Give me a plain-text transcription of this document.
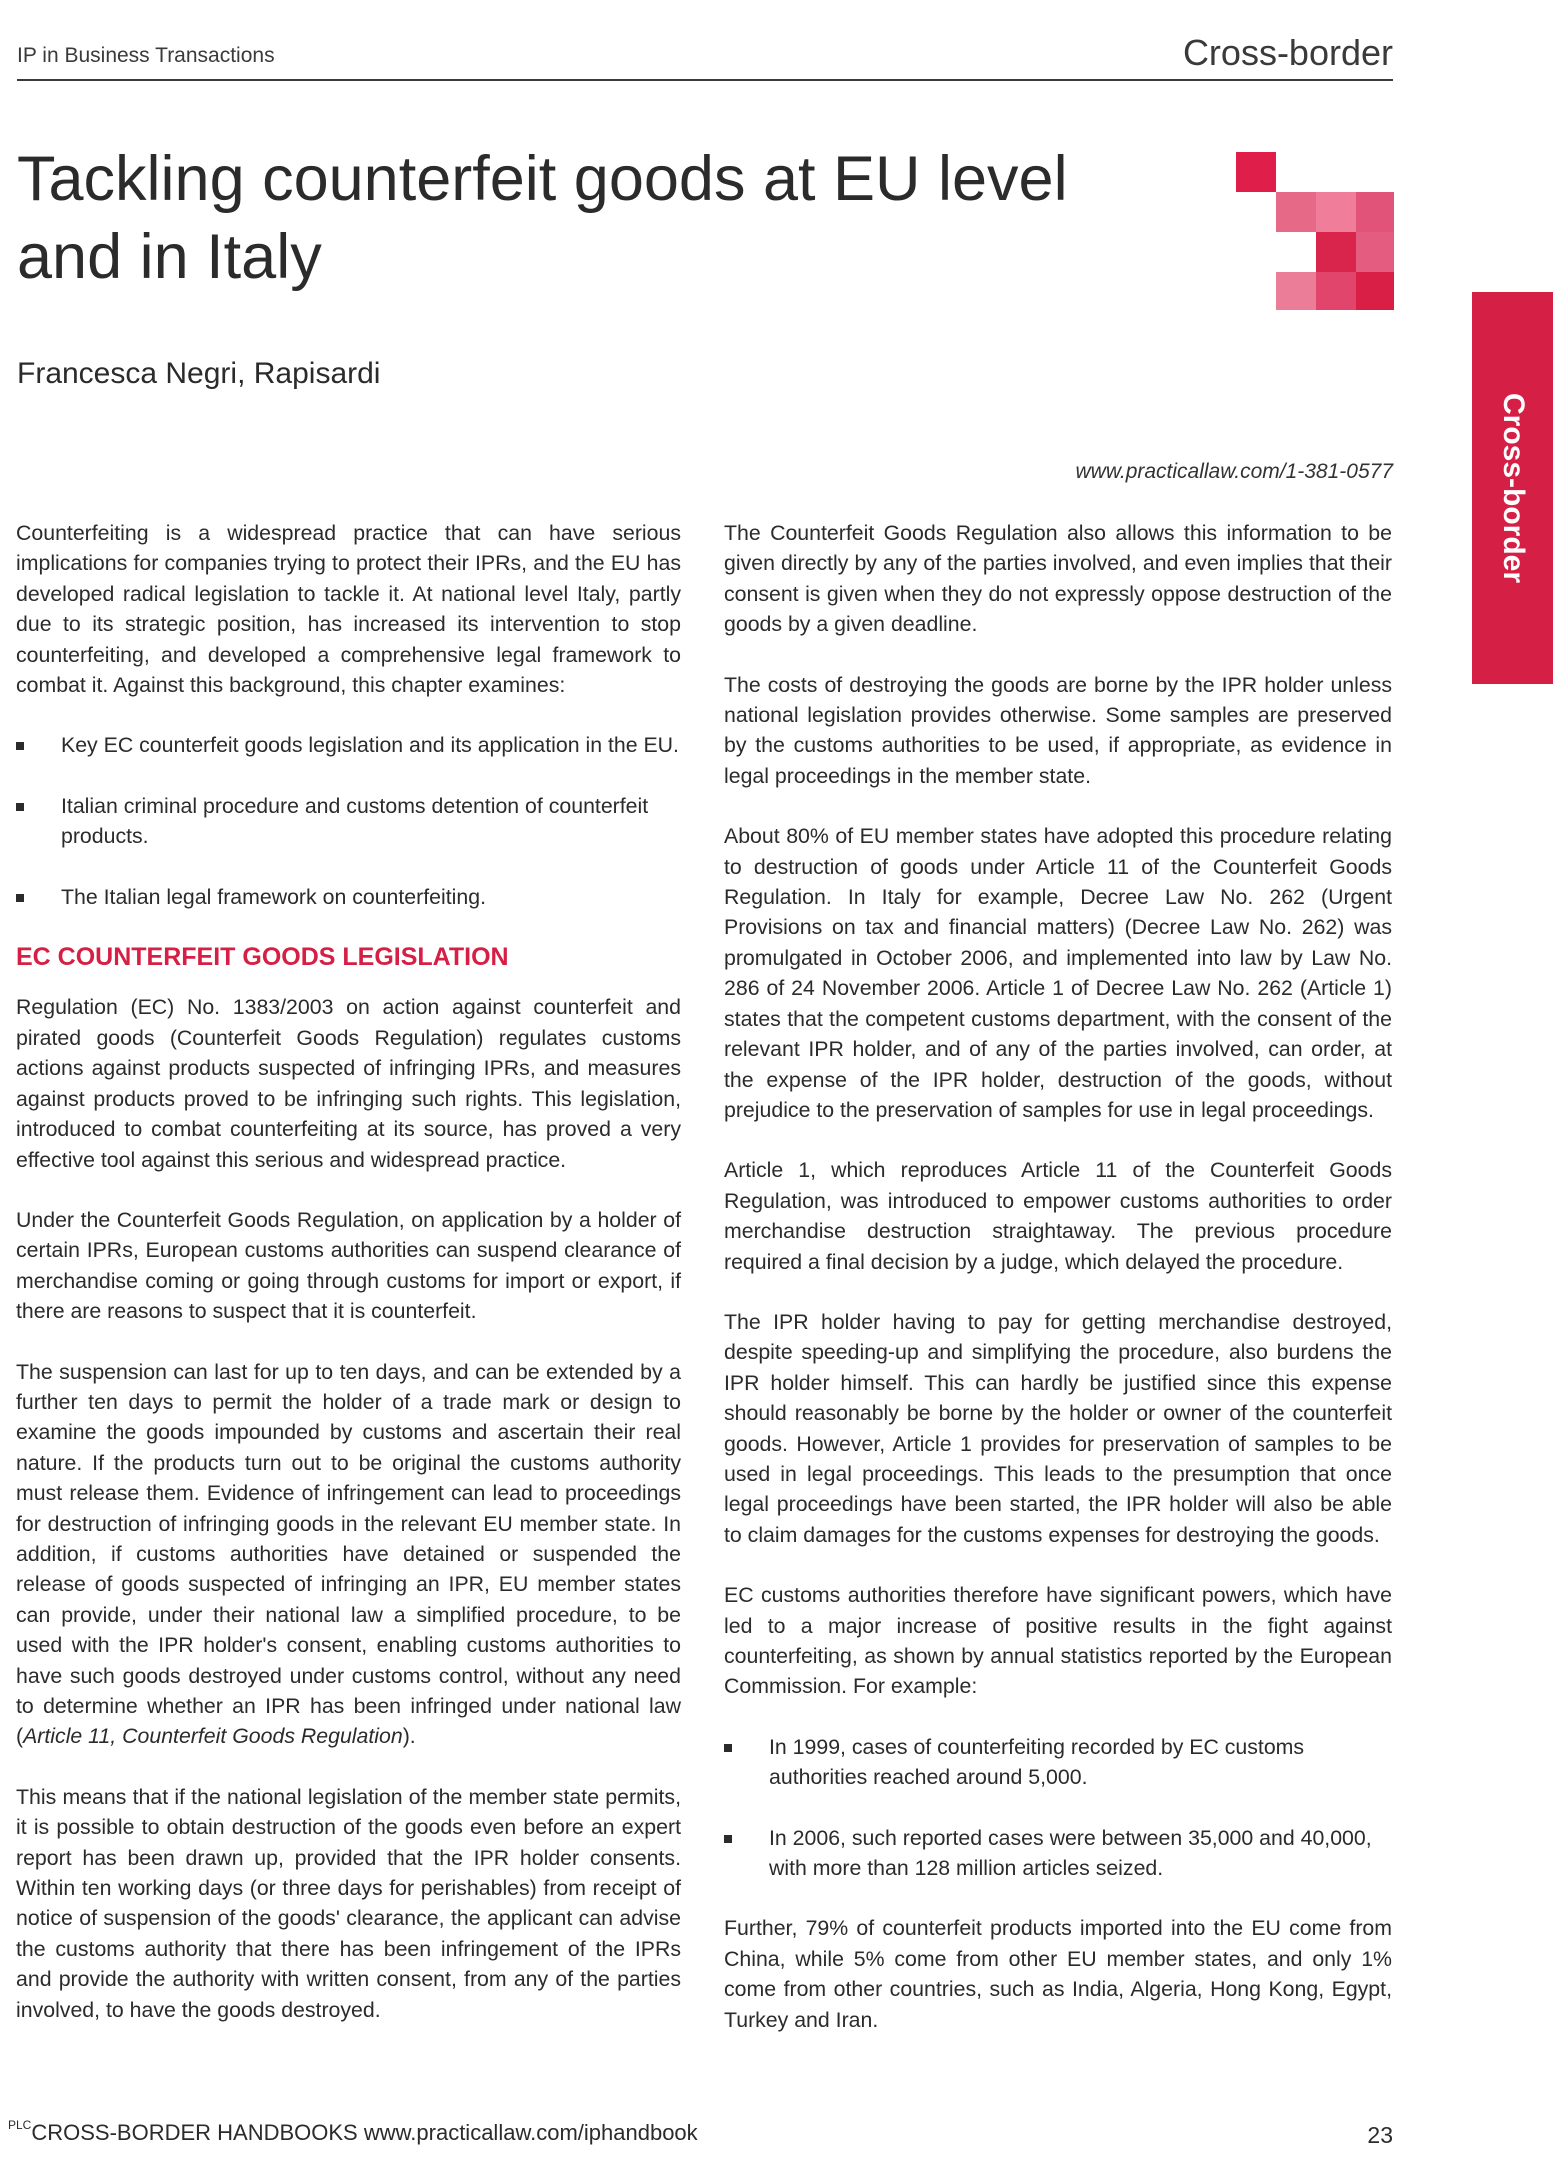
IP in Business Transactions	Cross-border
Tackling counterfeit goods at EU level and in Italy
Francesca Negri, Rapisardi
www.practicallaw.com/1-381-0577	Cross-border

Counterfeiting is a widespread practice that can have serious implications for companies trying to protect their IPRs, and the EU has developed radical legislation to tackle it. At national level Italy, partly due to its strategic position, has increased its intervention to stop counterfeiting, and developed a comprehensive legal framework to combat it. Against this background, this chapter examines:

Key EC counterfeit goods legislation and its application in the EU.
Italian criminal procedure and customs detention of counterfeit products.
The Italian legal framework on counterfeiting.
EC COUNTERFEIT GOODS LEGISLATION

Regulation (EC) No. 1383/2003 on action against counterfeit and pirated goods (Counterfeit Goods Regulation) regulates customs actions against products suspected of infringing IPRs, and measures against products proved to be infringing such rights. This legislation, introduced to combat counterfeiting at its source, has proved a very effective tool against this serious and widespread practice.

Under the Counterfeit Goods Regulation, on application by a holder of certain IPRs, European customs authorities can suspend clearance of merchandise coming or going through customs for import or export, if there are reasons to suspect that it is counterfeit.

The suspension can last for up to ten days, and can be extended by a further ten days to permit the holder of a trade mark or design to examine the goods impounded by customs and ascertain their real nature. If the products turn out to be original the customs authority must release them. Evidence of infringement can lead to proceedings for destruction of infringing goods in the relevant EU member state. In addition, if customs authorities have detained or suspended the release of goods suspected of infringing an IPR, EU member states can provide, under their national law a simplified procedure, to be used with the IPR holder's consent, enabling customs authorities to have such goods destroyed under customs control, without any need to determine whether an IPR has been infringed under national law (Article 11, Counterfeit Goods Regulation).

This means that if the national legislation of the member state permits, it is possible to obtain destruction of the goods even before an expert report has been drawn up, provided that the IPR holder consents. Within ten working days (or three days for perishables) from receipt of notice of suspension of the goods' clearance, the applicant can advise the customs authority that there has been infringement of the IPRs and provide the authority with written consent, from any of the parties involved, to have the goods destroyed.

The Counterfeit Goods Regulation also allows this information to be given directly by any of the parties involved, and even implies that their consent is given when they do not expressly oppose destruction of the goods by a given deadline.

The costs of destroying the goods are borne by the IPR holder unless national legislation provides otherwise. Some samples are preserved by the customs authorities to be used, if appropriate, as evidence in legal proceedings in the member state.

About 80% of EU member states have adopted this procedure relating to destruction of goods under Article 11 of the Counterfeit Goods Regulation. In Italy for example, Decree Law No. 262 (Urgent Provisions on tax and financial matters) (Decree Law No. 262) was promulgated in October 2006, and implemented into law by Law No. 286 of 24 November 2006. Article 1 of Decree Law No. 262 (Article 1) states that the competent customs department, with the consent of the relevant IPR holder, and of any of the parties involved, can order, at the expense of the IPR holder, destruction of the goods, without prejudice to the preservation of samples for use in legal proceedings.

Article 1, which reproduces Article 11 of the Counterfeit Goods Regulation, was introduced to empower customs authorities to order merchandise destruction straightaway. The previous procedure required a final decision by a judge, which delayed the procedure.

The IPR holder having to pay for getting merchandise destroyed, despite speeding-up and simplifying the procedure, also burdens the IPR holder himself. This can hardly be justified since this expense should reasonably be borne by the holder or owner of the counterfeit goods. However, Article 1 provides for preservation of samples to be used in legal proceedings. This leads to the presumption that once legal proceedings have been started, the IPR holder will also be able to claim damages for the customs expenses for destroying the goods.

EC customs authorities therefore have significant powers, which have led to a major increase of positive results in the fight against counterfeiting, as shown by annual statistics reported by the European Commission. For example:

In 1999, cases of counterfeiting recorded by EC customs authorities reached around 5,000.
In 2006, such reported cases were between 35,000 and 40,000, with more than 128 million articles seized.

Further, 79% of counterfeit products imported into the EU come from China, while 5% come from other EU member states, and only 1% come from other countries, such as India, Algeria, Hong Kong, Egypt, Turkey and Iran.

$^{PLC}$CROSS-BORDER HANDBOOKS www.practicallaw.com/iphandbook	23
